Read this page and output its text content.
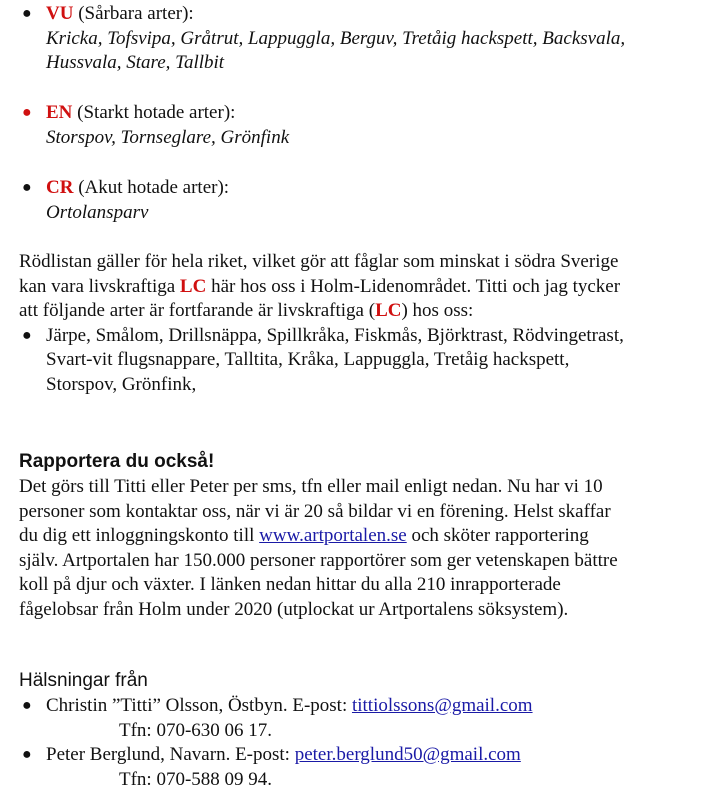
● VU (Sårbara arter):
Kricka, Tofsvipa, Gråtrut, Lappuggla, Berguv, Tretåig hackspett, Backsvala,
Hussvala, Stare, Tallbit
● EN (Starkt hotade arter):
Storspov, Tornseglare, Grönfink
● CR (Akut hotade arter):
Ortolansparv
Rödlistan gäller för hela riket, vilket gör att fåglar som minskat i södra Sverige
kan vara livskraftiga LC här hos oss i Holm-Lidenområdet. Titti och jag tycker
att följande arter är fortfarande är livskraftiga (LC) hos oss:
● Järpe, Smålom, Drillsnäppa, Spillkråka, Fiskmås, Björktrast, Rödvingetrast,
Svart-vit flugsnappare, Talltita, Kråka, Lappuggla, Tretåig hackspett,
Storspov, Grönfink,
Rapportera du också!
Det görs till Titti eller Peter per sms, tfn eller mail enligt nedan. Nu har vi 10
personer som kontaktar oss, när vi är 20 så bildar vi en förening. Helst skaffar
du dig ett inloggningskonto till www.artportalen.se och sköter rapportering
själv. Artportalen har 150.000 personer rapportörer som ger vetenskapen bättre
koll på djur och växter. I länken nedan hittar du alla 210 inrapporterade
fågelobsar från Holm under 2020 (utplockat ur Artportalens söksystem).
Hälsningar från
● Christin ”Titti” Olsson, Östbyn. E-post: tittiolssons@gmail.com
Tfn: 070-630 06 17.
● Peter Berglund, Navarn. E-post: peter.berglund50@gmail.com
Tfn: 070-588 09 94.
